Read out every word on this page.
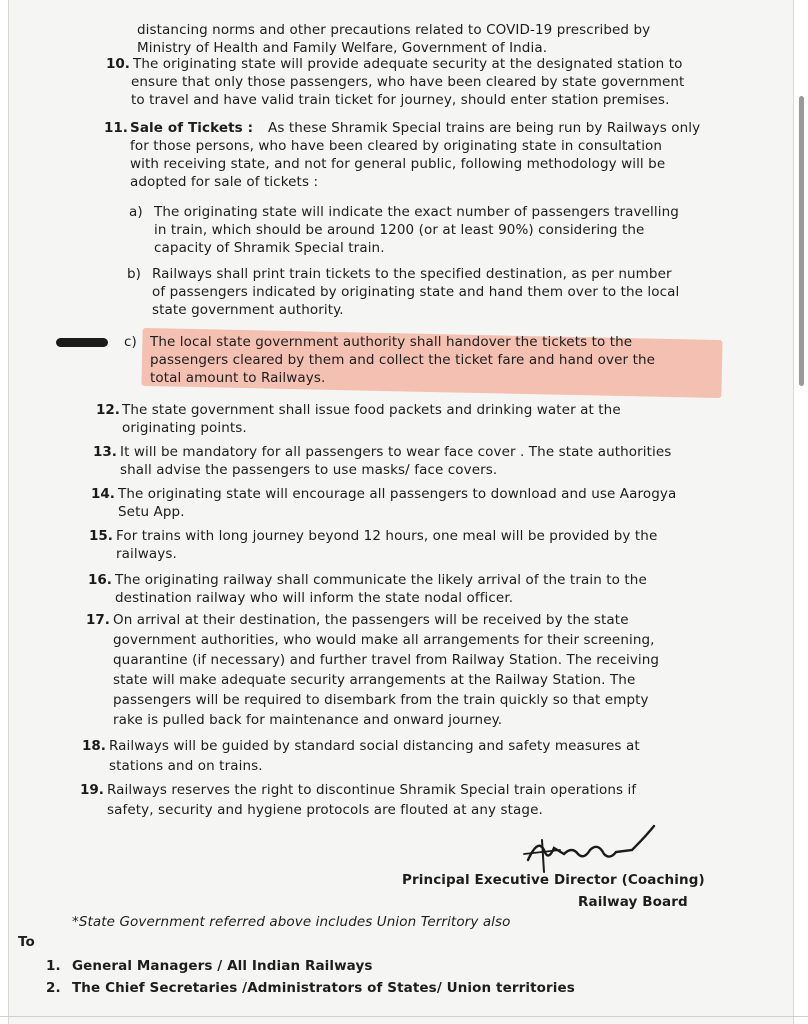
distancing norms and other precautions related to COVID-19 prescribed by
Ministry of Health and Family Welfare, Government of India.
10. The originating state will provide adequate security at the designated station to
ensure that only those passengers, who have been cleared by state government
to travel and have valid train ticket for journey, should enter station premises.
11. Sale of Tickets : As these Shramik Special trains are being run by Railways only
for those persons, who have been cleared by originating state in consultation
with receiving state, and not for general public, following methodology will be
adopted for sale of tickets :
a) The originating state will indicate the exact number of passengers travelling
in train, which should be around 1200 (or at least 90%) considering the
capacity of Shramik Special train.
b) Railways shall print train tickets to the specified destination, as per number
of passengers indicated by originating state and hand them over to the local
state government authority.
c) The local state government authority shall handover the tickets to the
passengers cleared by them and collect the ticket fare and hand over the
total amount to Railways.
12. The state government shall issue food packets and drinking water at the
originating points.
13. It will be mandatory for all passengers to wear face cover . The state authorities
shall advise the passengers to use masks/ face covers.
14. The originating state will encourage all passengers to download and use Aarogya
Setu App.
15. For trains with long journey beyond 12 hours, one meal will be provided by the
railways.
16. The originating railway shall communicate the likely arrival of the train to the
destination railway who will inform the state nodal officer.
17. On arrival at their destination, the passengers will be received by the state
government authorities, who would make all arrangements for their screening,
quarantine (if necessary) and further travel from Railway Station. The receiving
state will make adequate security arrangements at the Railway Station. The
passengers will be required to disembark from the train quickly so that empty
rake is pulled back for maintenance and onward journey.
18. Railways will be guided by standard social distancing and safety measures at
stations and on trains.
19. Railways reserves the right to discontinue Shramik Special train operations if
safety, security and hygiene protocols are flouted at any stage.
Principal Executive Director (Coaching)
Railway Board
*State Government referred above includes Union Territory also
To
1. General Managers / All Indian Railways
2. The Chief Secretaries /Administrators of States/ Union territories
